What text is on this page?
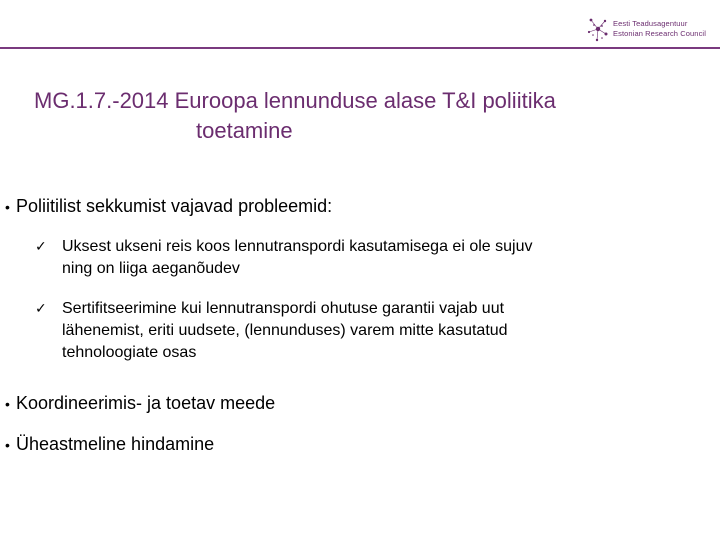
Eesti Teadusagentuur
Estonian Research Council
MG.1.7.-2014 Euroopa lennunduse alase T&I poliitika
toetamine
• Poliitilist sekkumist vajavad probleemid:
✓ Uksest ukseni reis koos lennutranspordi kasutamisega ei ole sujuv
ning on liiga aeganõudev
✓ Sertifitseerimine kui lennutranspordi ohutuse garantii vajab uut
lähenemist, eriti uudsete, (lennunduses) varem mitte kasutatud
tehnoloogiate osas
• Koordineerimis- ja toetav meede
• Üheastmeline hindamine
